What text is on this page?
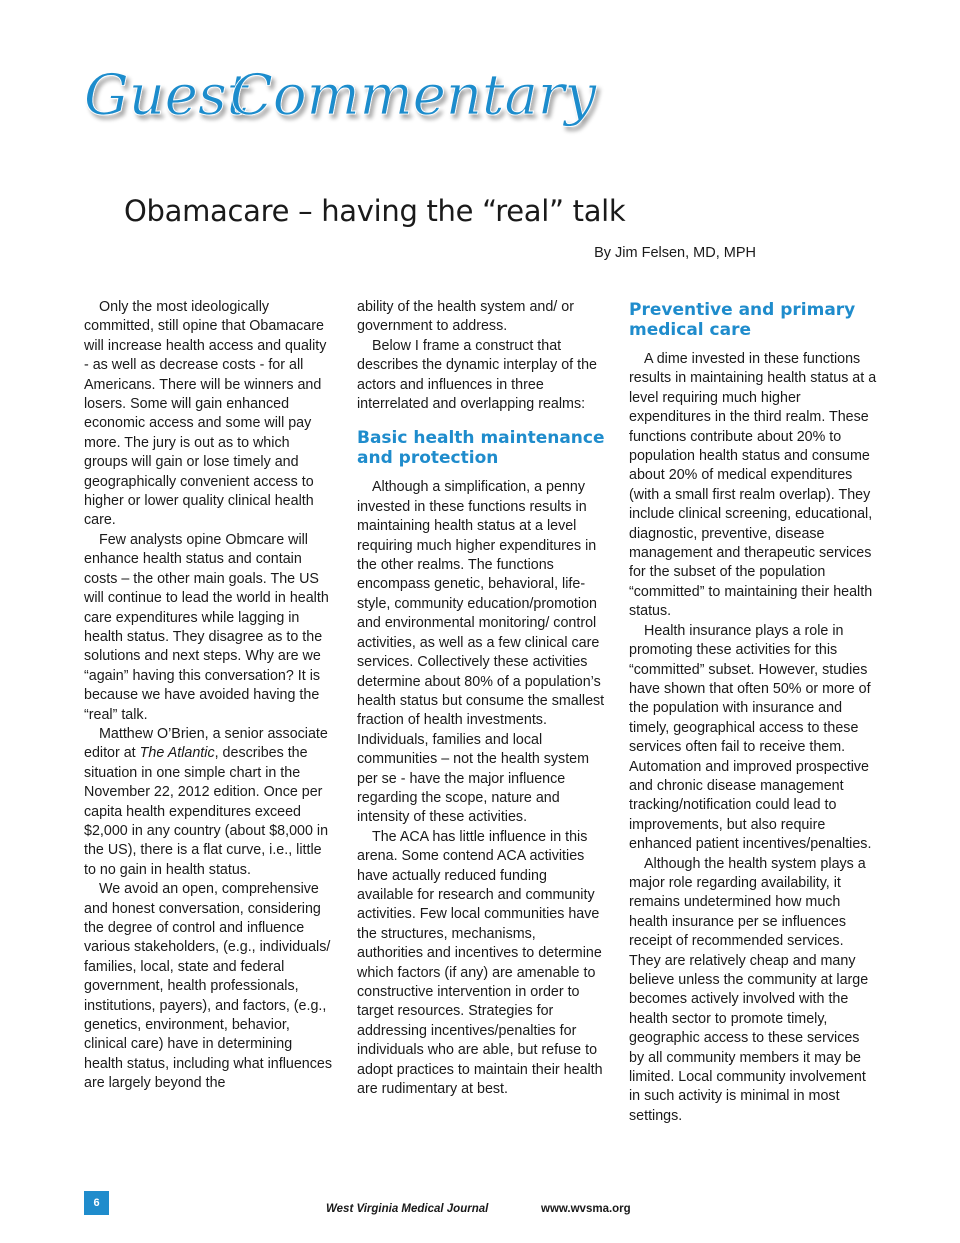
Guest
Commentary
Obamacare – having the “real” talk
By Jim Felsen, MD, MPH

Only the most ideologically committed, still opine that Obamacare will increase health access and quality - as well as decrease costs - for all Americans. There will be winners and losers. Some will gain enhanced economic access and some will pay more. The jury is out as to which groups will gain or lose timely and geographically convenient access to higher or lower quality clinical health care.

Few analysts opine Obmcare will enhance health status and contain costs – the other main goals. The US will continue to lead the world in health care expenditures while lagging in health status. They disagree as to the solutions and next steps. Why are we “again” having this conversation? It is because we have avoided having the “real” talk.

Matthew O’Brien, a senior associate editor at The Atlantic, describes the situation in one simple chart in the November 22, 2012 edition. Once per capita health expenditures exceed $2,000 in any country (about $8,000 in the US), there is a flat curve, i.e., little to no gain in health status.

We avoid an open, comprehensive and honest conversation, considering the degree of control and influence various stakeholders, (e.g., individuals/ families, local, state and federal government, health professionals, institutions, payers), and factors, (e.g., genetics, environment, behavior, clinical care) have in determining health status, including what influences are largely beyond the

ability of the health system and/ or government to address.

Below I frame a construct that describes the dynamic interplay of the actors and influences in three interrelated and overlapping realms:

Basic health maintenance and protection

Although a simplification, a penny invested in these functions results in maintaining health status at a level requiring much higher expenditures in the other realms. The functions encompass genetic, behavioral, life-style, community education/promotion and environmental monitoring/ control activities, as well as a few clinical care services. Collectively these activities determine about 80% of a population’s health status but consume the smallest fraction of health investments. Individuals, families and local communities – not the health system per se - have the major influence regarding the scope, nature and intensity of these activities.

The ACA has little influence in this arena. Some contend ACA activities have actually reduced funding available for research and community activities. Few local communities have the structures, mechanisms, authorities and incentives to determine which factors (if any) are amenable to constructive intervention in order to target resources. Strategies for addressing incentives/penalties for individuals who are able, but refuse to adopt practices to maintain their health are rudimentary at best.

Preventive and primary medical care

A dime invested in these functions results in maintaining health status at a level requiring much higher expenditures in the third realm. These functions contribute about 20% to population health status and consume about 20% of medical expenditures (with a small first realm overlap). They include clinical screening, educational, diagnostic, preventive, disease management and therapeutic services for the subset of the population “committed” to maintaining their health status.

Health insurance plays a role in promoting these activities for this “committed” subset. However, studies have shown that often 50% or more of the population with insurance and timely, geographical access to these services often fail to receive them. Automation and improved prospective and chronic disease management tracking/notification could lead to improvements, but also require enhanced patient incentives/penalties.

Although the health system plays a major role regarding availability, it remains undetermined how much health insurance per se influences receipt of recommended services. They are relatively cheap and many believe unless the community at large becomes actively involved with the health sector to promote timely, geographic access to these services by all community members it may be limited. Local community involvement in such activity is minimal in most settings.

6	West Virginia Medical Journal	www.wvsma.org
